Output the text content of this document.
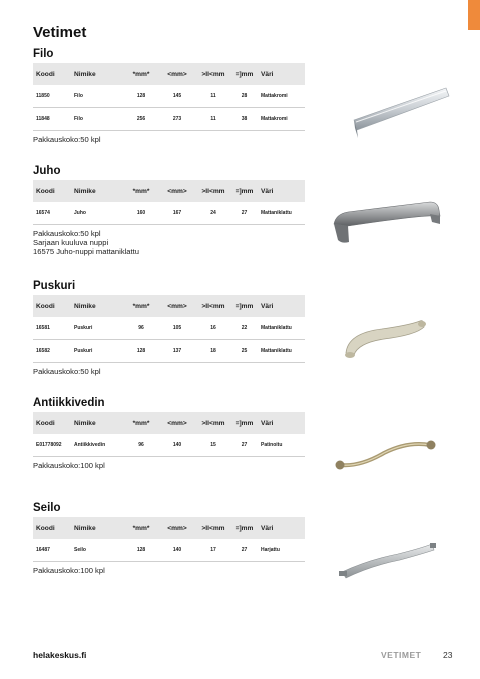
Vetimet
Filo
Koodi	Nimike	*mm*	<mm>	>II<mm	=]mm	Väri
11850	Filo	128	145	11	28	Mattakromi
11848	Filo	256	273	11	38	Mattakromi
Pakkauskoko:50 kpl
Juho
Koodi	Nimike	*mm*	<mm>	>II<mm	=]mm	Väri
16574	Juho	160	167	24	27	Mattaniklattu
Pakkauskoko:50 kpl
Sarjaan kuuluva nuppi
16575 Juho-nuppi mattaniklattu
Puskuri
Koodi	Nimike	*mm*	<mm>	>II<mm	=]mm	Väri
16581	Puskuri	96	105	16	22	Mattaniklattu
16582	Puskuri	128	137	18	25	Mattaniklattu
Pakkauskoko:50 kpl
Antiikkivedin
Koodi	Nimike	*mm*	<mm>	>II<mm	=]mm	Väri
E01778092	Antiikkivedin	96	140	15	27	Patinoitu
Pakkauskoko:100 kpl
Seilo
Koodi	Nimike	*mm*	<mm>	>II<mm	=]mm	Väri
16487	Seilo	128	140	17	27	Harjattu
Pakkauskoko:100 kpl
helakeskus.fi	VETIMET	23
